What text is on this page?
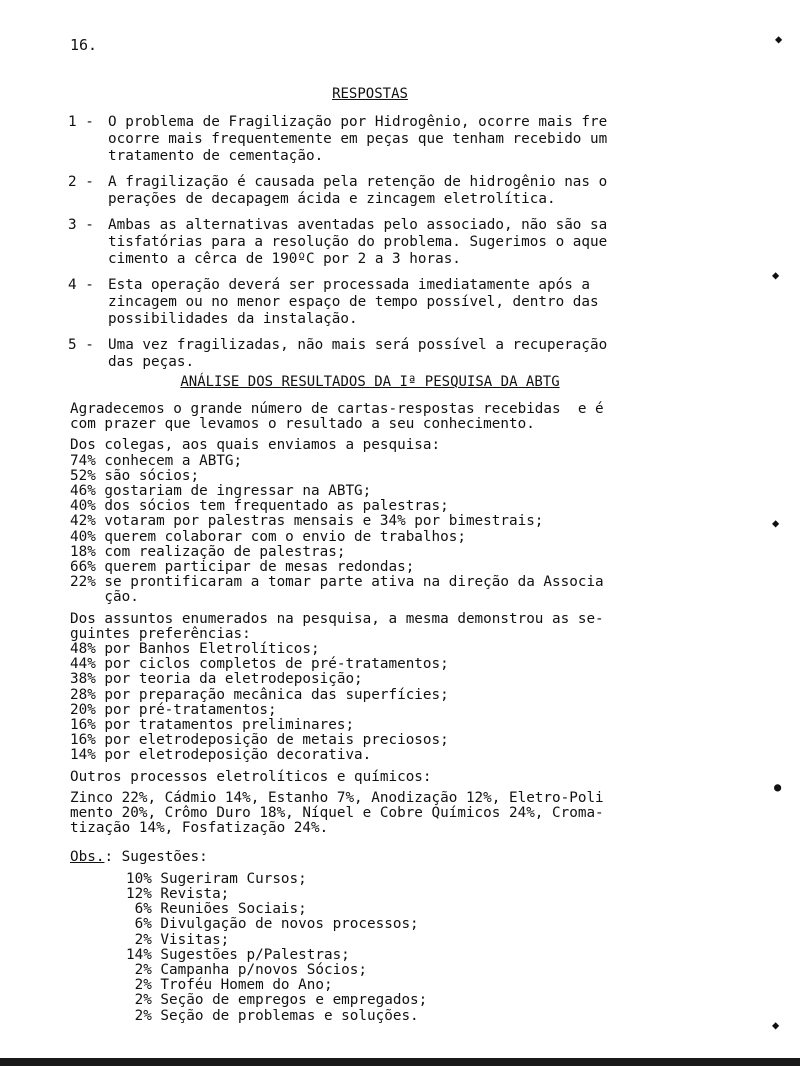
16.
RESPOSTAS
1 - O problema de Fragilização por Hidrogênio, ocorre mais fre
ocorre mais frequentemente em peças que tenham recebido um
tratamento de cementação.
2 - A fragilização é causada pela retenção de hidrogênio nas o
perações de decapagem ácida e zincagem eletrolítica.
3 - Ambas as alternativas aventadas pelo associado, não são sa
tisfatórias para a resolução do problema. Sugerimos o aque
cimento a cêrca de 190ºC por 2 a 3 horas.
4 - Esta operação deverá ser processada imediatamente após a
zincagem ou no menor espaço de tempo possível, dentro das
possibilidades da instalação.
5 - Uma vez fragilizadas, não mais será possível a recuperação
das peças.
ANÁLISE DOS RESULTADOS DA Iª PESQUISA DA ABTG
Agradecemos o grande número de cartas-respostas recebidas  e é
com prazer que levamos o resultado a seu conhecimento.
Dos colegas, aos quais enviamos a pesquisa:
74% conhecem a ABTG;
52% são sócios;
46% gostariam de ingressar na ABTG;
40% dos sócios tem frequentado as palestras;
42% votaram por palestras mensais e 34% por bimestrais;
40% querem colaborar com o envio de trabalhos;
18% com realização de palestras;
66% querem participar de mesas redondas;
22% se prontificaram a tomar parte ativa na direção da Associa
ção.
Dos assuntos enumerados na pesquisa, a mesma demonstrou as se-
guintes preferências:
48% por Banhos Eletrolíticos;
44% por ciclos completos de pré-tratamentos;
38% por teoria da eletrodeposição;
28% por preparação mecânica das superfícies;
20% por pré-tratamentos;
16% por tratamentos preliminares;
16% por eletrodeposição de metais preciosos;
14% por eletrodeposição decorativa.
Outros processos eletrolíticos e químicos:
Zinco 22%, Cádmio 14%, Estanho 7%, Anodização 12%, Eletro-Poli
mento 20%, Crômo Duro 18%, Níquel e Cobre Químicos 24%, Croma-
tização 14%, Fosfatização 24%.
Obs.: Sugestões:
10% Sugeriram Cursos;
12% Revista;
6% Reuniões Sociais;
6% Divulgação de novos processos;
2% Visitas;
14% Sugestões p/Palestras;
2% Campanha p/novos Sócios;
2% Troféu Homem do Ano;
2% Seção de empregos e empregados;
2% Seção de problemas e soluções.
◆
◆
◆
●
◆
